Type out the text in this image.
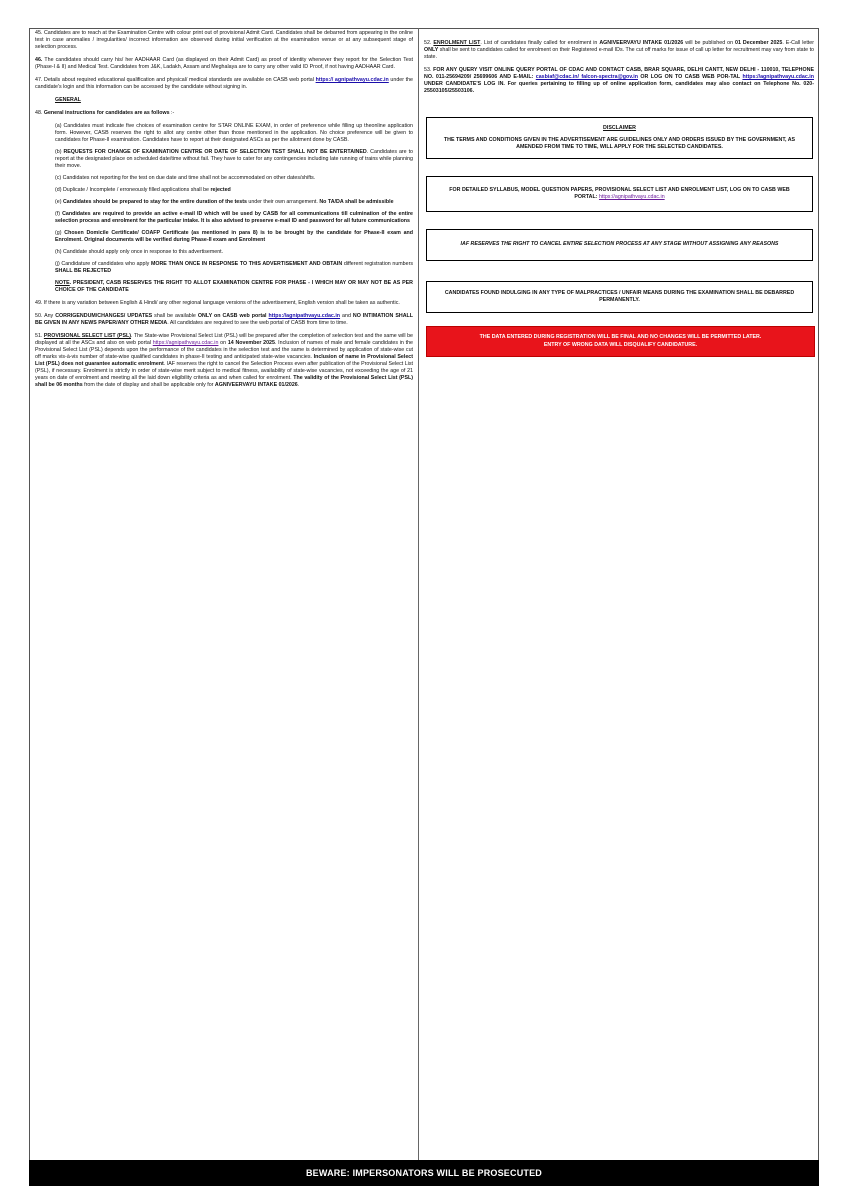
45. Candidates are to reach at the Examination Centre with colour print out of provisional Admit Card. Candidates shall be debarred from appearing in the online test in case anomalies / irregularities/ incorrect information are observed during initial verification at the examination venue or at any subsequent stage of selection process.

46. The candidates should carry his/ her AADHAAR Card (as displayed on their Admit Card) as proof of identity whenever they report for the Selection Test (Phase-I & II) and Medical Test. Candidates from J&K, Ladakh, Assam and Meghalaya are to carry any other valid ID Proof, if not having AADHAAR Card.

47. Details about required educational qualification and physical/ medical standards are available on CASB web portal https:// agnipathvayu.cdac.in under the candidate's login and this information can be accessed by the candidate without signing in.

GENERAL

48. General instructions for candidates are as follows :-

(a) Candidates must indicate five choices of examination centre for STAR ONLINE EXAM, in order of preference while filling up theonline application form. However, CASB reserves the right to allot any centre other than those mentioned in the application. No choice preference will be given to candidates for Phase-II examination. Candidates have to report at their designated ASCs as per the allotment done by CASB.

(b) REQUESTS FOR CHANGE OF EXAMINATION CENTRE OR DATE OF SELECTION TEST SHALL NOT BE ENTERTAINED. Candidates are to report at the designated place on scheduled date/time without fail. They have to cater for any contingencies including late running of trains while planning their move.

(c) Candidates not reporting for the test on due date and time shall not be accommodated on other dates/shifts.

(d) Duplicate / Incomplete / erroneously filled applications shall be rejected

(e) Candidates should be prepared to stay for the entire duration of the tests under their own arrangement. No TA/DA shall be admissible

(f) Candidates are required to provide an active e-mail ID which will be used by CASB for all communications till culmination of the entire selection process and enrolment for the particular intake. It is also advised to preserve e-mail ID and password for all future communications

(g) Chosen Domicile Certificate/ COAFP Certificate (as mentioned in para 8) is to be brought by the candidate for Phase-II exam and Enrolment. Original documents will be verified during Phase-II exam and Enrolment

(h) Candidate should apply only once in response to this advertisement.

(j) Candidature of candidates who apply MORE THAN ONCE IN RESPONSE TO THIS ADVERTISEMENT AND OBTAIN different registration numbers SHALL BE REJECTED

NOTE. PRESIDENT, CASB RESERVES THE RIGHT TO ALLOT EXAMINATION CENTRE FOR PHASE - I WHICH MAY OR MAY NOT BE AS PER CHOICE OF THE CANDIDATE

49. If there is any variation between English & Hindi/ any other regional language versions of the advertisement, English version shall be taken as authentic.

50. Any CORRIGENDUM/CHANGES/ UPDATES shall be available ONLY on CASB web portal https://agnipathvayu.cdac.in and NO INTIMATION SHALL BE GIVEN IN ANY NEWS PAPER/ANY OTHER MEDIA. All candidates are required to see the web portal of CASB from time to time.

51. PROVISIONAL SELECT LIST (PSL). The State-wise Provisional Select List (PSL) will be prepared after the completion of selection test and the same will be displayed at all the ASCs and also on web portal https://agnipathvayu.cdac.in on 14 November 2025. Inclusion of names of male and female candidates in the Provisional Select List (PSL) depends upon the performance of the candidates in the selection test and the same is determined by application of state-wise cut off marks vis-à-vis number of state-wise qualified candidates in phase-II testing and anticipated state-wise vacancies. Inclusion of name in Provisional Select List (PSL) does not guarantee automatic enrolment. IAF reserves the right to cancel the Selection Process even after publication of the Provisional Select List (PSL), if necessary. Enrolment is strictly in order of state-wise merit subject to medical fitness, availability of state-wise vacancies, not exceeding the age of 21 years on date of enrolment and meeting all the laid down eligibility criteria as and when called for enrolment. The validity of the Provisional Select List (PSL) shall be 06 months from the date of display and shall be applicable only for AGNIVEERVAYU INTAKE 01/2026.

52. ENROLMENT LIST. List of candidates finally called for enrolment in AGNIVEERVAYU INTAKE 01/2026 will be published on 01 December 2025. E-Call letter ONLY shall be sent to candidates called for enrolment on their Registered e-mail IDs. The cut off marks for issue of call up letter for recruitment may vary from state to state.

53. FOR ANY QUERY VISIT ONLINE QUERY PORTAL OF CDAC AND CONTACT CASB, BRAR SQUARE, DELHI CANTT, NEW DELHI - 110010, TELEPHONE NO. 011-25694209/ 25699606 AND E-MAIL: casbiaf@cdac.in/ falcon-spectra@gov.in OR LOG ON TO CASB WEB POR-TAL https://agnipathvayu.cdac.in UNDER CANDIDATE'S LOG IN. For queries pertaining to filling up of online application form, candidates may also contact on Telephone No. 020-25503105/25503106.

DISCLAIMER
THE TERMS AND CONDITIONS GIVEN IN THE ADVERTISEMENT ARE GUIDELINES ONLY AND ORDERS ISSUED BY THE GOVERNMENT, AS AMENDED FROM TIME TO TIME, WILL APPLY FOR THE SELECTED CANDIDATES.
FOR DETAILED SYLLABUS, MODEL QUESTION PAPERS, PROVISIONAL SELECT LIST AND ENROLMENT LIST, LOG ON TO CASB WEB PORTAL: https://agnipathvayu.cdac.in
IAF RESERVES THE RIGHT TO CANCEL ENTIRE SELECTION PROCESS AT ANY STAGE WITHOUT ASSIGNING ANY REASONS
CANDIDATES FOUND INDULGING IN ANY TYPE OF MALPRACTICES / UNFAIR MEANS DURING THE EXAMINATION SHALL BE DEBARRED PERMANENTLY.
THE DATA ENTERED DURING REGISTRATION WILL BE FINAL AND NO CHANGES WILL BE PERMITTED LATER.
ENTRY OF WRONG DATA WILL DISQUALIFY CANDIDATURE.
BEWARE: IMPERSONATORS WILL BE PROSECUTED
